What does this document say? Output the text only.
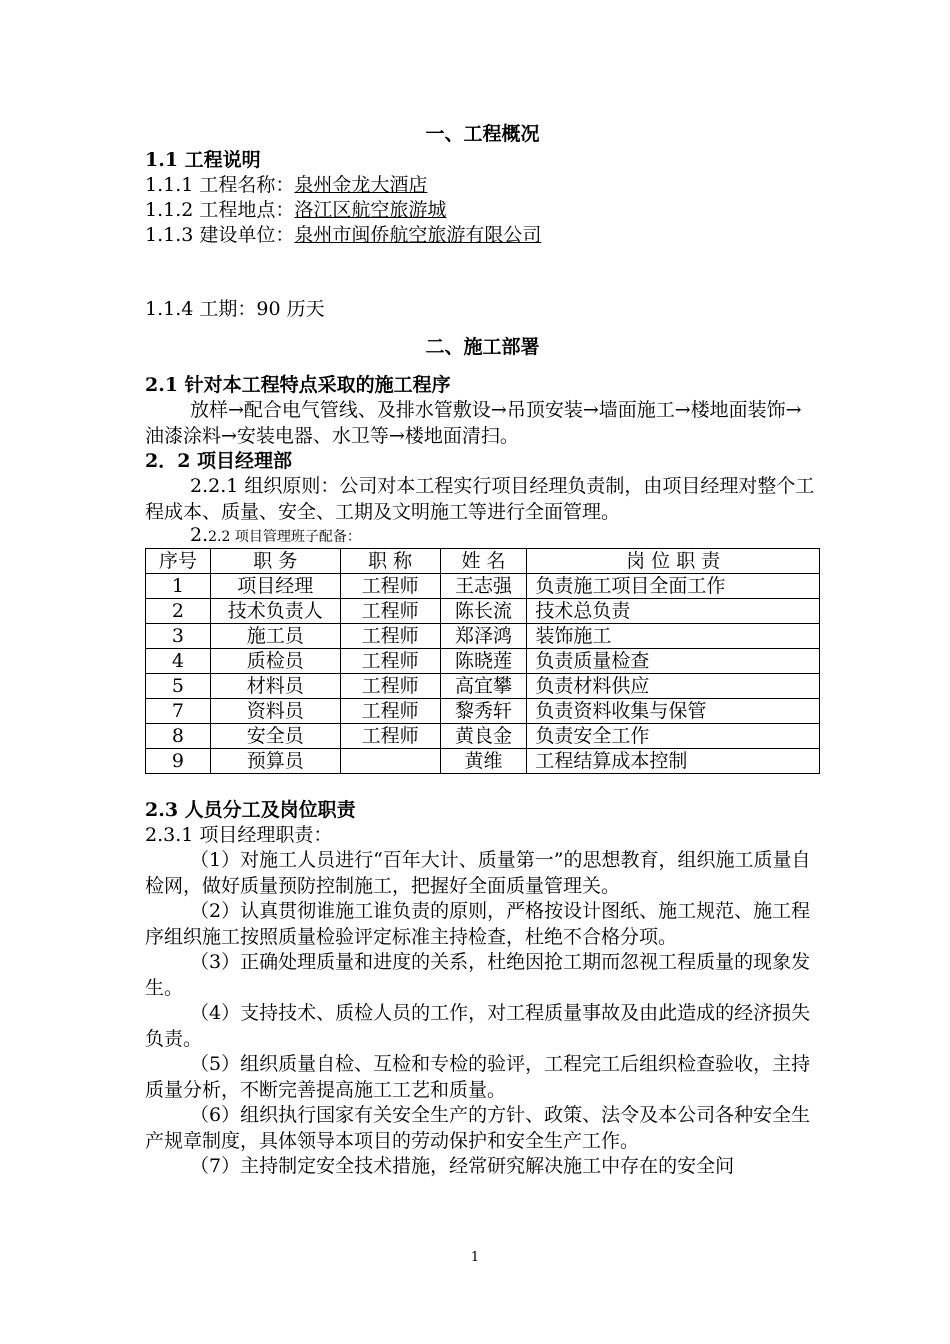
一、工程概况

1.1 工程说明

1.1.1 工程名称：泉州金龙大酒店

1.1.2 工程地点：洛江区航空旅游城

1.1.3 建设单位：泉州市闽侨航空旅游有限公司

1.1.4 工期：90 历天

二、施工部署

2.1 针对本工程特点采取的施工程序

放样→配合电气管线、及排水管敷设→吊顶安装→墙面施工→楼地面装饰→油漆涂料→安装电器、水卫等→楼地面清扫。

2．2 项目经理部

2.2.1 组织原则：公司对本工程实行项目经理负责制，由项目经理对整个工程成本、质量、安全、工期及文明施工等进行全面管理。

2.2.2 项目管理班子配备：

序号	职 务	职 称	姓 名	岗 位 职 责
1	项目经理	工程师	王志强	负责施工项目全面工作
2	技术负责人	工程师	陈长流	技术总负责
3	施工员	工程师	郑泽鸿	装饰施工
4	质检员	工程师	陈晓莲	负责质量检查
5	材料员	工程师	高宜攀	负责材料供应
7	资料员	工程师	黎秀轩	负责资料收集与保管
8	安全员	工程师	黄良金	负责安全工作
9	预算员		黄维	工程结算成本控制

2.3 人员分工及岗位职责

2.3.1 项目经理职责：

（1）对施工人员进行“百年大计、质量第一”的思想教育，组织施工质量自检网，做好质量预防控制施工，把握好全面质量管理关。

（2）认真贯彻谁施工谁负责的原则，严格按设计图纸、施工规范、施工程序组织施工按照质量检验评定标准主持检查，杜绝不合格分项。

（3）正确处理质量和进度的关系，杜绝因抢工期而忽视工程质量的现象发生。

（4）支持技术、质检人员的工作，对工程质量事故及由此造成的经济损失负责。

（5）组织质量自检、互检和专检的验评，工程完工后组织检查验收，主持质量分析，不断完善提高施工工艺和质量。

（6）组织执行国家有关安全生产的方针、政策、法令及本公司各种安全生产规章制度，具体领导本项目的劳动保护和安全生产工作。

（7）主持制定安全技术措施，经常研究解决施工中存在的安全问

1
